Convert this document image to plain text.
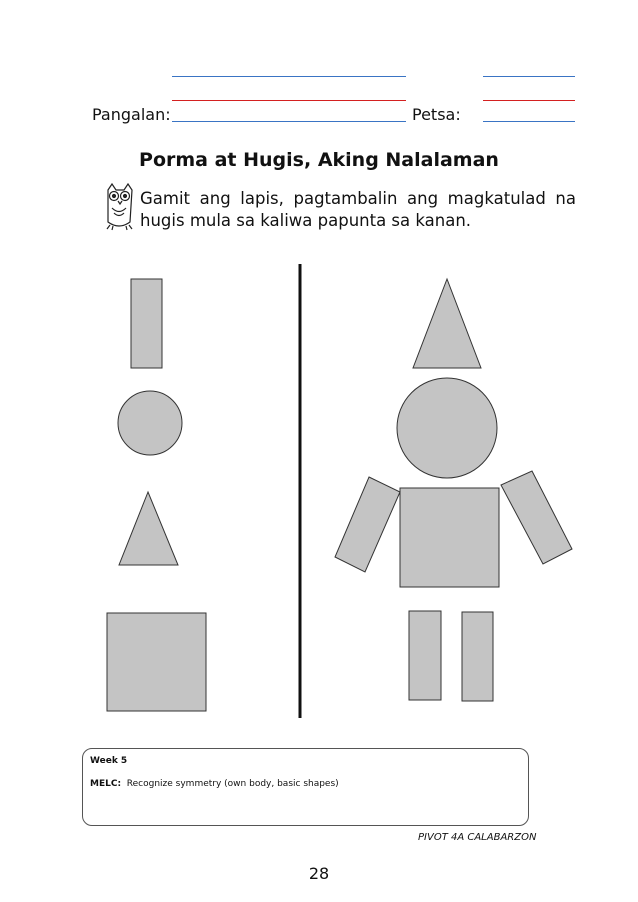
Pangalan:	Petsa:
Porma at Hugis, Aking Nalalaman
Gamit ang lapis, pagtambalin ang magkatulad na hugis mula sa kaliwa papunta sa kanan.
Week 5
MELC: Recognize symmetry (own body, basic shapes)
PIVOT 4A CALABARZON
28
